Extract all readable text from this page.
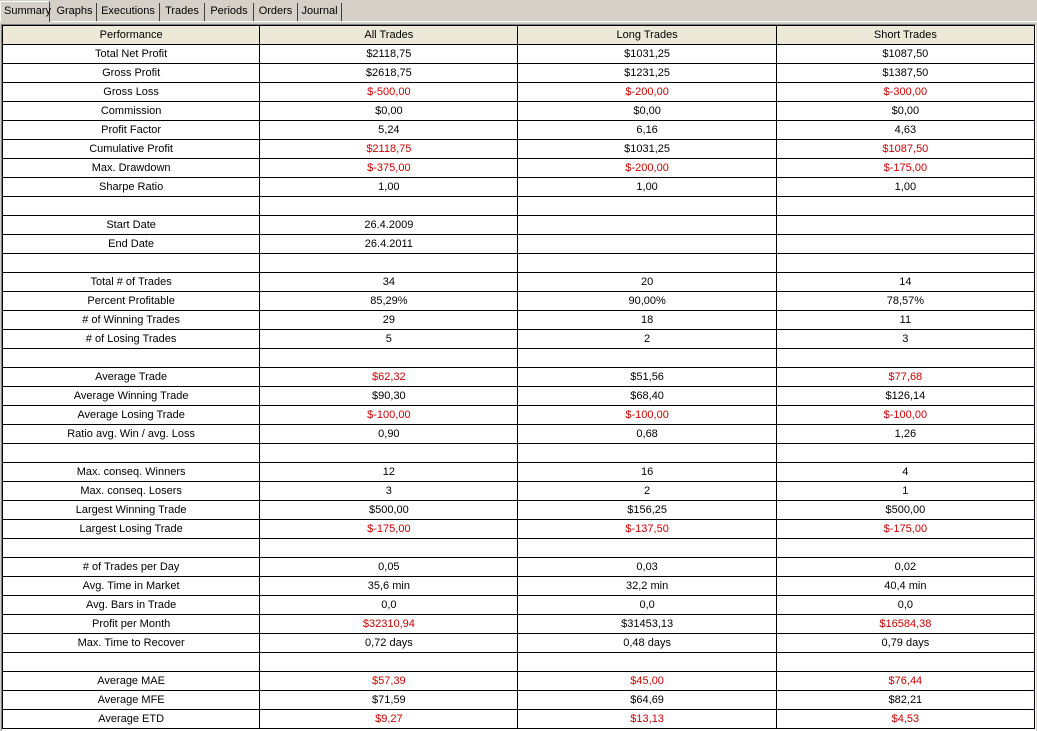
Summary Graphs Executions Trades	Periods	Orders Journal
Performance	All Trades	Long Trades	Short Trades
Total Net Profit	$2118,75	$1031,25	$1087,50
Gross Profit	$2618,75	$1231,25	$1387,50
Gross Loss	$-500,00	$-200,00	$-300,00
Commission	$0,00	$0,00	$0,00
Profit Factor	5,24	6,16	4,63
Cumulative Profit	$2118,75	$1031,25	$1087,50
Max. Drawdown	$-375,00	$-200,00	$-175,00
Sharpe Ratio	1,00	1,00	1,00

Start Date	26.4.2009		
End Date	26.4.2011		

Total # of Trades	34	20	14
Percent Profitable	85,29%	90,00%	78,57%
# of Winning Trades	29	18	11
# of Losing Trades	5	2	3

Average Trade	$62,32	$51,56	$77,68
Average Winning Trade	$90,30	$68,40	$126,14
Average Losing Trade	$-100,00	$-100,00	$-100,00
Ratio avg. Win / avg. Loss	0,90	0,68	1,26

Max. conseq. Winners	12	16	4
Max. conseq. Losers	3	2	1
Largest Winning Trade	$500,00	$156,25	$500,00
Largest Losing Trade	$-175,00	$-137,50	$-175,00

# of Trades per Day	0,05	0,03	0,02
Avg. Time in Market	35,6 min	32,2 min	40,4 min
Avg. Bars in Trade	0,0	0,0	0,0
Profit per Month	$32310,94	$31453,13	$16584,38
Max. Time to Recover	0,72 days	0,48 days	0,79 days

Average MAE	$57,39	$45,00	$76,44
Average MFE	$71,59	$64,69	$82,21
Average ETD	$9,27	$13,13	$4,53
